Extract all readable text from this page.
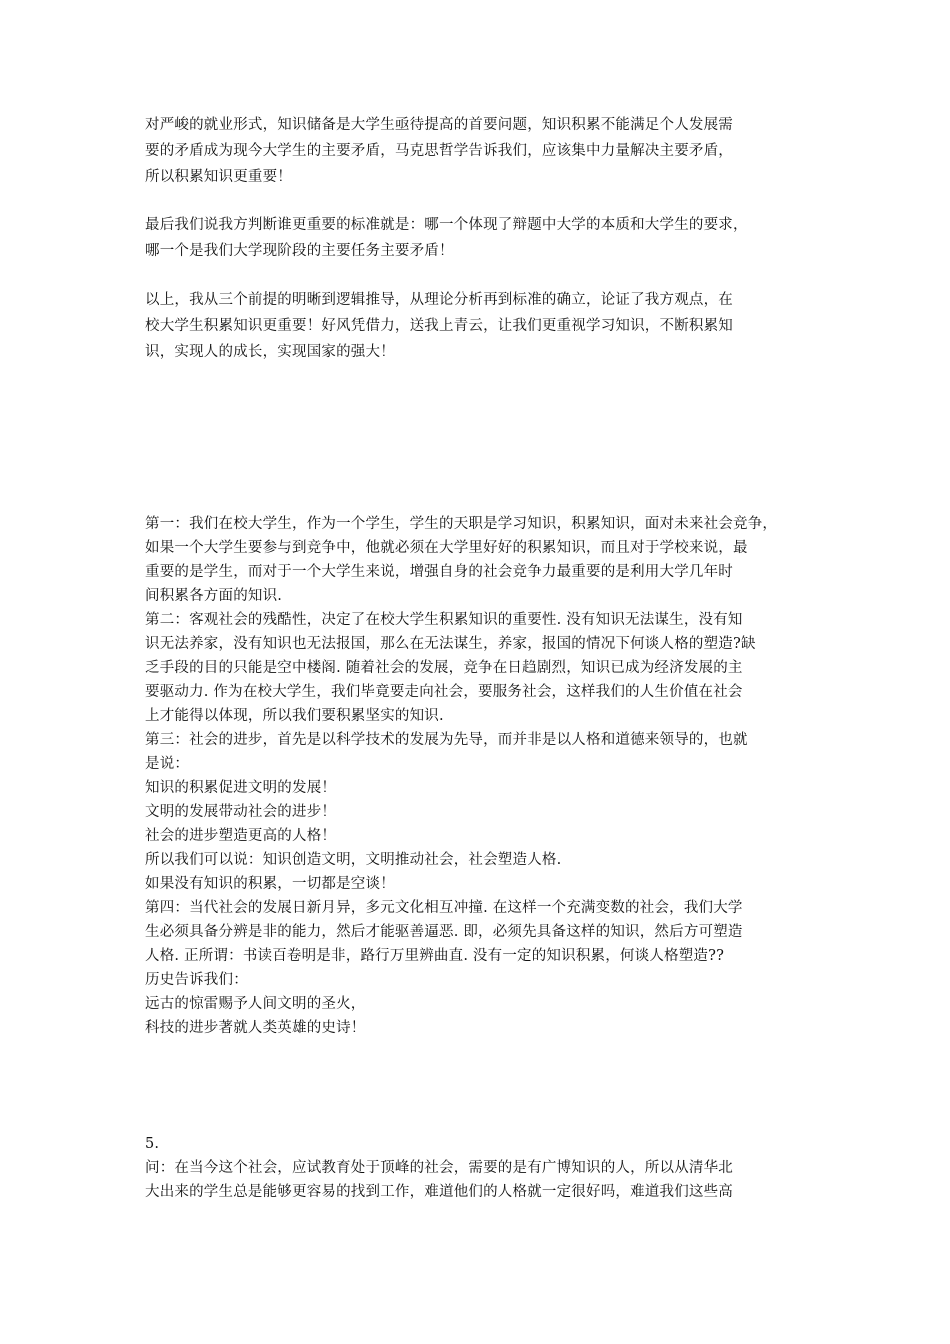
对严峻的就业形式，知识储备是大学生亟待提高的首要问题，知识积累不能满足个人发展需

要的矛盾成为现今大学生的主要矛盾，马克思哲学告诉我们，应该集中力量解决主要矛盾，

所以积累知识更重要！

最后我们说我方判断谁更重要的标准就是：哪一个体现了辩题中大学的本质和大学生的要求，

哪一个是我们大学现阶段的主要任务主要矛盾！

以上，我从三个前提的明晰到逻辑推导，从理论分析再到标准的确立，论证了我方观点，在

校大学生积累知识更重要！好风凭借力，送我上青云，让我们更重视学习知识，不断积累知

识，实现人的成长，实现国家的强大！

第一：我们在校大学生，作为一个学生，学生的天职是学习知识，积累知识，面对未来社会竞争，

如果一个大学生要参与到竞争中，他就必须在大学里好好的积累知识，而且对于学校来说，最

重要的是学生，而对于一个大学生来说，增强自身的社会竞争力最重要的是利用大学几年时

间积累各方面的知识.

第二：客观社会的残酷性，决定了在校大学生积累知识的重要性. 没有知识无法谋生，没有知

识无法养家，没有知识也无法报国，那么在无法谋生，养家，报国的情况下何谈人格的塑造?缺

乏手段的目的只能是空中楼阁. 随着社会的发展，竞争在日趋剧烈，知识已成为经济发展的主

要驱动力. 作为在校大学生，我们毕竟要走向社会，要服务社会，这样我们的人生价值在社会

上才能得以体现，所以我们要积累坚实的知识.

第三：社会的进步，首先是以科学技术的发展为先导，而并非是以人格和道德来领导的，也就

是说：

知识的积累促进文明的发展！

文明的发展带动社会的进步！

社会的进步塑造更高的人格！

所以我们可以说：知识创造文明，文明推动社会，社会塑造人格.

如果没有知识的积累，一切都是空谈！

第四：当代社会的发展日新月异，多元文化相互冲撞. 在这样一个充满变数的社会，我们大学

生必须具备分辨是非的能力，然后才能驱善逼恶. 即，必须先具备这样的知识，然后方可塑造

人格. 正所谓：书读百卷明是非，路行万里辨曲直. 没有一定的知识积累，何谈人格塑造??

历史告诉我们：

远古的惊雷赐予人间文明的圣火，

科技的进步著就人类英雄的史诗！

5.

问：在当今这个社会，应试教育处于顶峰的社会，需要的是有广博知识的人，所以从清华北

大出来的学生总是能够更容易的找到工作，难道他们的人格就一定很好吗，难道我们这些高
